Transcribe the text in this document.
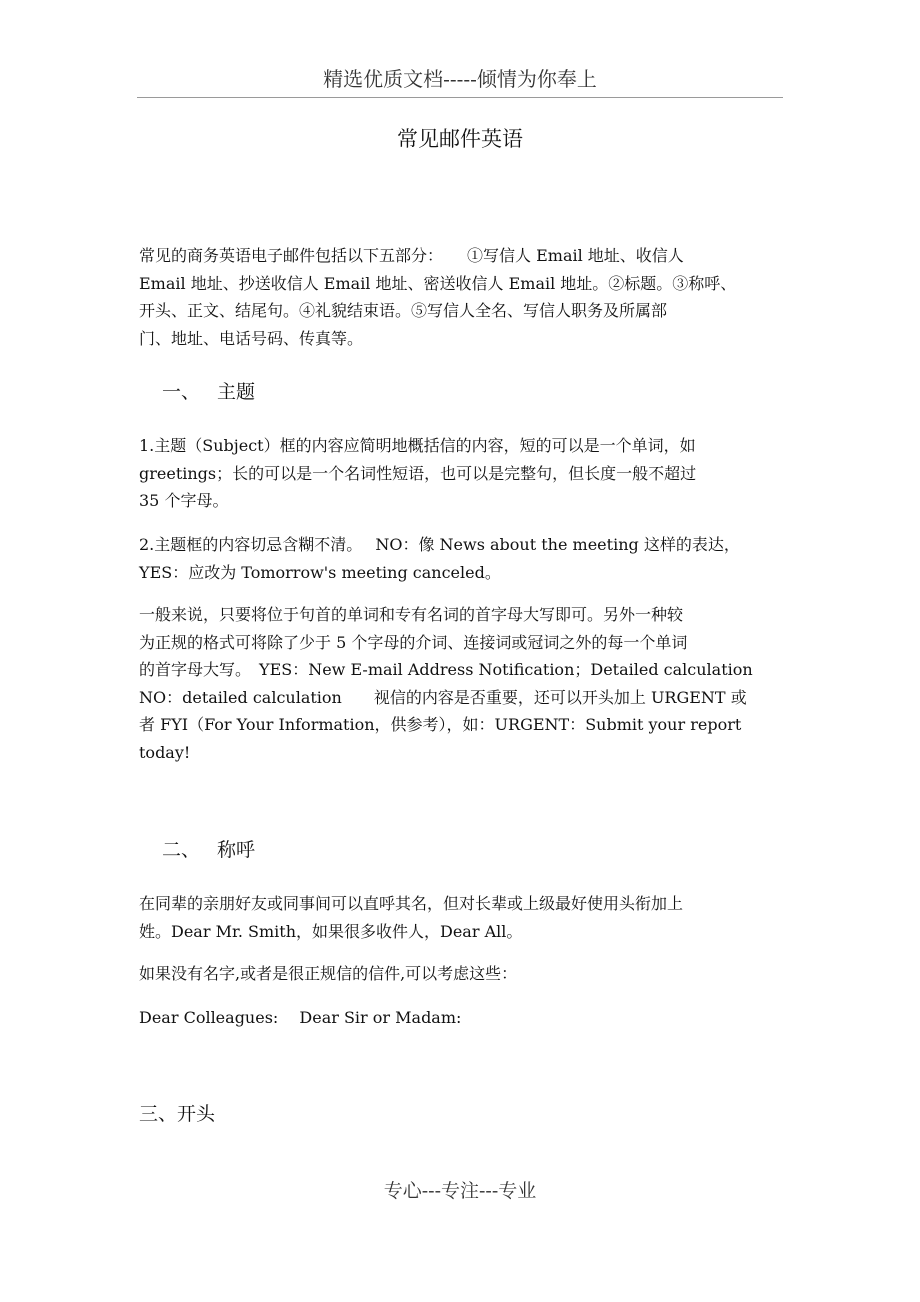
精选优质文档-----倾情为你奉上
常见邮件英语
常见的商务英语电子邮件包括以下五部分：　　①写信人 Email 地址、收信人
Email 地址、抄送收信人 Email 地址、密送收信人 Email 地址。②标题。③称呼、
开头、正文、结尾句。④礼貌结束语。⑤写信人全名、写信人职务及所属部
门、地址、电话号码、传真等。
一、 主题
1.主题（Subject）框的内容应简明地概括信的内容，短的可以是一个单词，如
greetings；长的可以是一个名词性短语，也可以是完整句，但长度一般不超过
35 个字母。
2.主题框的内容切忌含糊不清。　 NO：像 News about the meeting 这样的表达，
YES：应改为 Tomorrow's meeting canceled。
一般来说，只要将位于句首的单词和专有名词的首字母大写即可。另外一种较
为正规的格式可将除了少于 5 个字母的介词、连接词或冠词之外的每一个单词
的首字母大写。　YES：New E-mail Address Notification；Detailed calculation
NO：detailed calculation　　视信的内容是否重要，还可以开头加上 URGENT 或
者 FYI（For Your Information，供参考），如：URGENT：Submit your report
today!
二、 称呼
在同辈的亲朋好友或同事间可以直呼其名，但对长辈或上级最好使用头衔加上
姓。Dear Mr. Smith，如果很多收件人，Dear All。
如果没有名字,或者是很正规信的信件,可以考虑这些：
Dear Colleagues:　 Dear Sir or Madam:
三、开头
专心---专注---专业
